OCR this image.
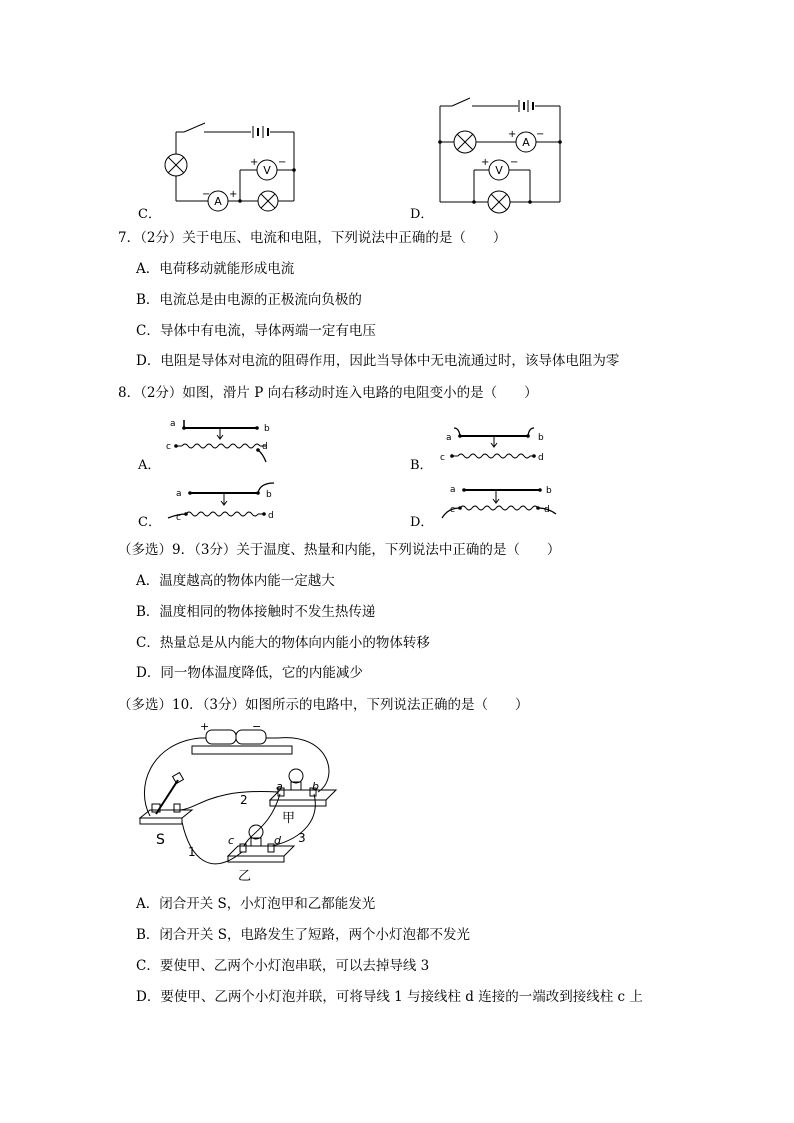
C．
A
V
− +
+ −
D．
A
V
+ −
+ −
7．（2分）关于电压、电流和电阻，下列说法中正确的是（　　）
A．电荷移动就能形成电流
B．电流总是由电源的正极流向负极的
C．导体中有电流，导体两端一定有电压
D．电阻是导体对电流的阻碍作用，因此当导体中无电流通过时，该导体电阻为零
8．（2分）如图，滑片 P 向右移动时连入电路的电阻变小的是（　　）
A．
a	b
c	d
B．
a	b
c	d
C．
a	b
c	d	D．
a	b
c	d
（多选）9．（3分）关于温度、热量和内能，下列说法中正确的是（　　）
A．温度越高的物体内能一定越大
B．温度相同的物体接触时不发生热传递
C．热量总是从内能大的物体向内能小的物体转移
D．同一物体温度降低，它的内能减少
（多选）10．（3分）如图所示的电路中，下列说法正确的是（　　）
+	−
S
1
2
3
a	b
c	d
甲
乙
A．闭合开关 S，小灯泡甲和乙都能发光
B．闭合开关 S，电路发生了短路，两个小灯泡都不发光
C．要使甲、乙两个小灯泡串联，可以去掉导线 3
D．要使甲、乙两个小灯泡并联，可将导线 1 与接线柱 d 连接的一端改到接线柱 c 上
